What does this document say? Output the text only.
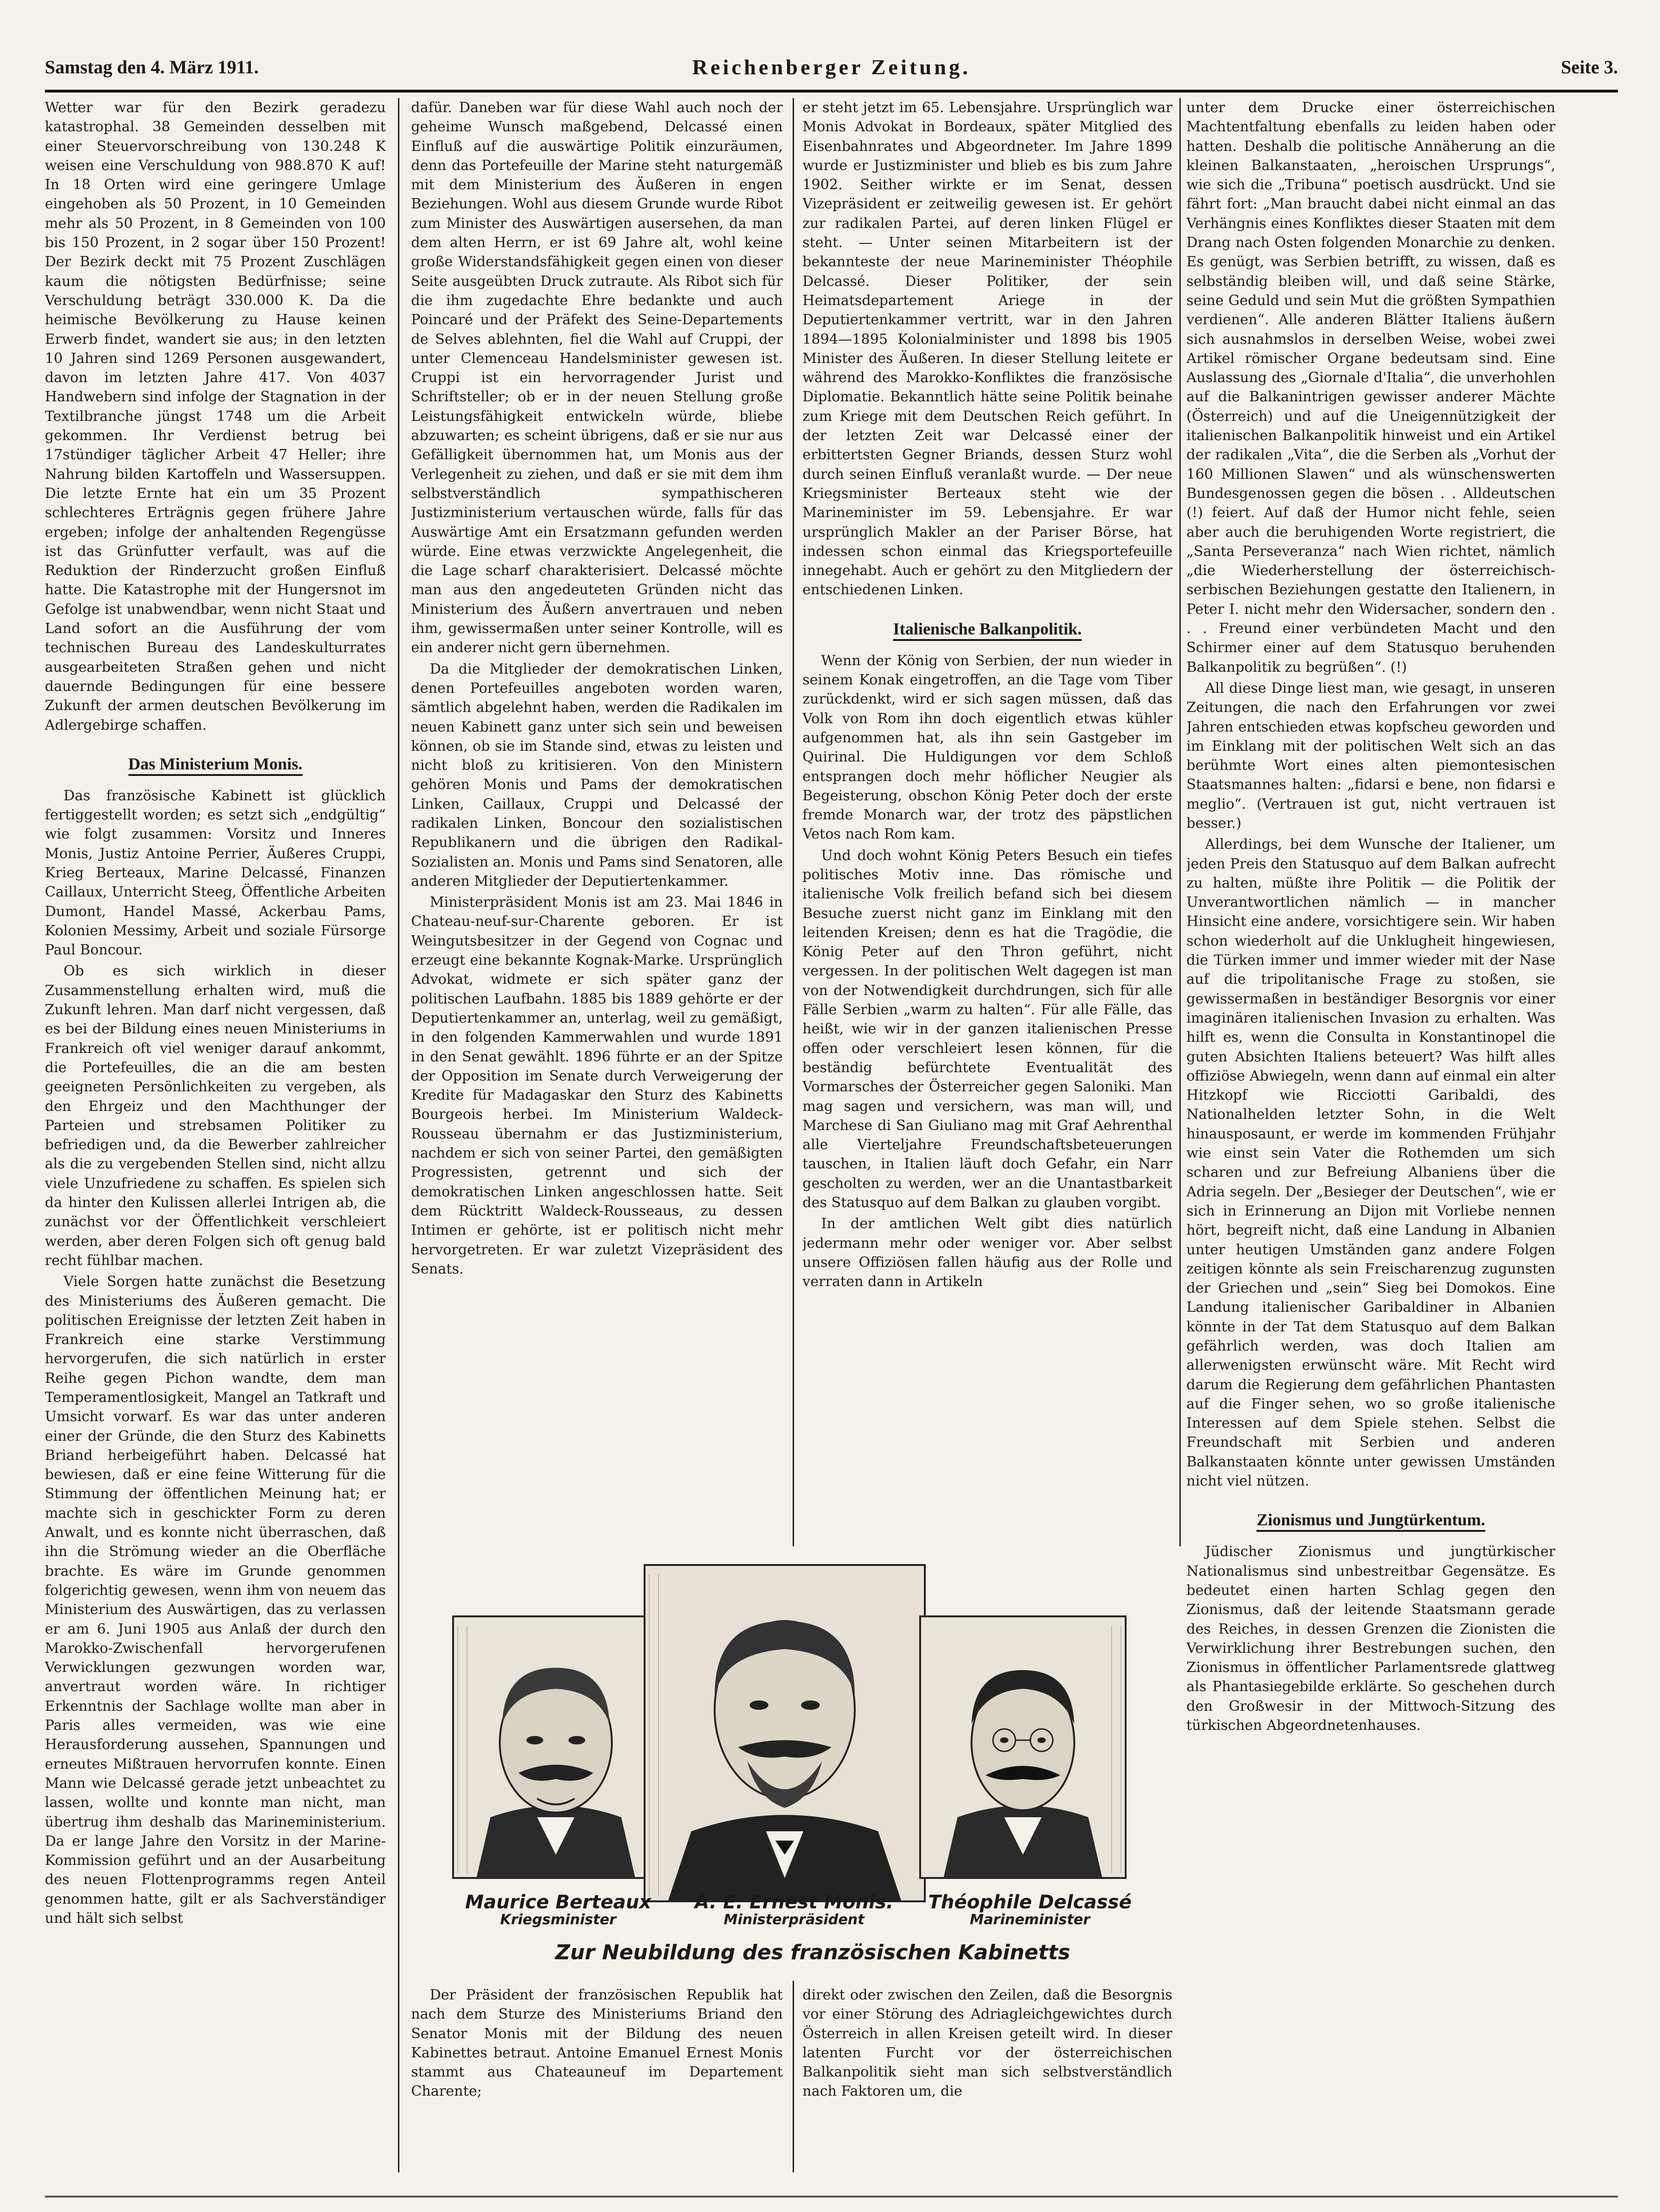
Samstag den 4. März 1911.	Reichenberger Zeitung.	Seite 3.

Wetter war für den Bezirk geradezu katastrophal. 38 Gemeinden desselben mit einer Steuervorschreibung von 130.248 K weisen eine Verschuldung von 988.870 K auf! In 18 Orten wird eine geringere Umlage eingehoben als 50 Prozent, in 10 Gemeinden mehr als 50 Prozent, in 8 Gemeinden von 100 bis 150 Prozent, in 2 sogar über 150 Prozent! Der Bezirk deckt mit 75 Prozent Zuschlägen kaum die nötigsten Bedürfnisse; seine Verschuldung beträgt 330.000 K. Da die heimische Bevölkerung zu Hause keinen Erwerb findet, wandert sie aus; in den letzten 10 Jahren sind 1269 Personen ausgewandert, davon im letzten Jahre 417. Von 4037 Handwebern sind infolge der Stagnation in der Textilbranche jüngst 1748 um die Arbeit gekommen. Ihr Verdienst betrug bei 17stündiger täglicher Arbeit 47 Heller; ihre Nahrung bilden Kartoffeln und Wassersuppen. Die letzte Ernte hat ein um 35 Prozent schlechteres Erträgnis gegen frühere Jahre ergeben; infolge der anhaltenden Regengüsse ist das Grünfutter verfault, was auf die Reduktion der Rinderzucht großen Einfluß hatte. Die Katastrophe mit der Hungersnot im Gefolge ist unabwendbar, wenn nicht Staat und Land sofort an die Ausführung der vom technischen Bureau des Landeskulturrates ausgearbeiteten Straßen gehen und nicht dauernde Bedingungen für eine bessere Zukunft der armen deutschen Bevölkerung im Adlergebirge schaffen.

Das Ministerium Monis.

Das französische Kabinett ist glücklich fertiggestellt worden; es setzt sich „endgültig“ wie folgt zusammen: Vorsitz und Inneres Monis, Justiz Antoine Perrier, Äußeres Cruppi, Krieg Berteaux, Marine Delcassé, Finanzen Caillaux, Unterricht Steeg, Öffentliche Arbeiten Dumont, Handel Massé, Ackerbau Pams, Kolonien Messimy, Arbeit und soziale Fürsorge Paul Boncour.

Ob es sich wirklich in dieser Zusammenstellung erhalten wird, muß die Zukunft lehren. Man darf nicht vergessen, daß es bei der Bildung eines neuen Ministeriums in Frankreich oft viel weniger darauf ankommt, die Portefeuilles, die an die am besten geeigneten Persönlichkeiten zu vergeben, als den Ehrgeiz und den Machthunger der Parteien und strebsamen Politiker zu befriedigen und, da die Bewerber zahlreicher als die zu vergebenden Stellen sind, nicht allzu viele Unzufriedene zu schaffen. Es spielen sich da hinter den Kulissen allerlei Intrigen ab, die zunächst vor der Öffentlichkeit verschleiert werden, aber deren Folgen sich oft genug bald recht fühlbar machen.

Viele Sorgen hatte zunächst die Besetzung des Ministeriums des Äußeren gemacht. Die politischen Ereignisse der letzten Zeit haben in Frankreich eine starke Verstimmung hervorgerufen, die sich natürlich in erster Reihe gegen Pichon wandte, dem man Temperamentlosigkeit, Mangel an Tatkraft und Umsicht vorwarf. Es war das unter anderen einer der Gründe, die den Sturz des Kabinetts Briand herbeigeführt haben. Delcassé hat bewiesen, daß er eine feine Witterung für die Stimmung der öffentlichen Meinung hat; er machte sich in geschickter Form zu deren Anwalt, und es konnte nicht überraschen, daß ihn die Strömung wieder an die Oberfläche brachte. Es wäre im Grunde genommen folgerichtig gewesen, wenn ihm von neuem das Ministerium des Auswärtigen, das zu verlassen er am 6. Juni 1905 aus Anlaß der durch den Marokko-Zwischenfall hervorgerufenen Verwicklungen gezwungen worden war, anvertraut worden wäre. In richtiger Erkenntnis der Sachlage wollte man aber in Paris alles vermeiden, was wie eine Herausforderung aussehen, Spannungen und erneutes Mißtrauen hervorrufen konnte. Einen Mann wie Delcassé gerade jetzt unbeachtet zu lassen, wollte und konnte man nicht, man übertrug ihm deshalb das Marineministerium. Da er lange Jahre den Vorsitz in der Marine-Kommission geführt und an der Ausarbeitung des neuen Flottenprogramms regen Anteil genommen hatte, gilt er als Sachverständiger und hält sich selbst

dafür. Daneben war für diese Wahl auch noch der geheime Wunsch maßgebend, Delcassé einen Einfluß auf die auswärtige Politik einzuräumen, denn das Portefeuille der Marine steht naturgemäß mit dem Ministerium des Äußeren in engen Beziehungen. Wohl aus diesem Grunde wurde Ribot zum Minister des Auswärtigen ausersehen, da man dem alten Herrn, er ist 69 Jahre alt, wohl keine große Widerstandsfähigkeit gegen einen von dieser Seite ausgeübten Druck zutraute. Als Ribot sich für die ihm zugedachte Ehre bedankte und auch Poincaré und der Präfekt des Seine-Departements de Selves ablehnten, fiel die Wahl auf Cruppi, der unter Clemenceau Handelsminister gewesen ist. Cruppi ist ein hervorragender Jurist und Schriftsteller; ob er in der neuen Stellung große Leistungsfähigkeit entwickeln würde, bliebe abzuwarten; es scheint übrigens, daß er sie nur aus Gefälligkeit übernommen hat, um Monis aus der Verlegenheit zu ziehen, und daß er sie mit dem ihm selbstverständlich sympathischeren Justizministerium vertauschen würde, falls für das Auswärtige Amt ein Ersatzmann gefunden werden würde. Eine etwas verzwickte Angelegenheit, die die Lage scharf charakterisiert. Delcassé möchte man aus den angedeuteten Gründen nicht das Ministerium des Äußern anvertrauen und neben ihm, gewissermaßen unter seiner Kontrolle, will es ein anderer nicht gern übernehmen.

Da die Mitglieder der demokratischen Linken, denen Portefeuilles angeboten worden waren, sämtlich abgelehnt haben, werden die Radikalen im neuen Kabinett ganz unter sich sein und beweisen können, ob sie im Stande sind, etwas zu leisten und nicht bloß zu kritisieren. Von den Ministern gehören Monis und Pams der demokratischen Linken, Caillaux, Cruppi und Delcassé der radikalen Linken, Boncour den sozialistischen Republikanern und die übrigen den Radikal-Sozialisten an. Monis und Pams sind Senatoren, alle anderen Mitglieder der Deputiertenkammer.

Ministerpräsident Monis ist am 23. Mai 1846 in Chateau-neuf-sur-Charente geboren. Er ist Weingutsbesitzer in der Gegend von Cognac und erzeugt eine bekannte Kognak-Marke. Ursprünglich Advokat, widmete er sich später ganz der politischen Laufbahn. 1885 bis 1889 gehörte er der Deputiertenkammer an, unterlag, weil zu gemäßigt, in den folgenden Kammerwahlen und wurde 1891 in den Senat gewählt. 1896 führte er an der Spitze der Opposition im Senate durch Verweigerung der Kredite für Madagaskar den Sturz des Kabinetts Bourgeois herbei. Im Ministerium Waldeck-Rousseau übernahm er das Justizministerium, nachdem er sich von seiner Partei, den gemäßigten Progressisten, getrennt und sich der demokratischen Linken angeschlossen hatte. Seit dem Rücktritt Waldeck-Rousseaus, zu dessen Intimen er gehörte, ist er politisch nicht mehr hervorgetreten. Er war zuletzt Vizepräsident des Senats.

er steht jetzt im 65. Lebensjahre. Ursprünglich war Monis Advokat in Bordeaux, später Mitglied des Eisenbahnrates und Abgeordneter. Im Jahre 1899 wurde er Justizminister und blieb es bis zum Jahre 1902. Seither wirkte er im Senat, dessen Vizepräsident er zeitweilig gewesen ist. Er gehört zur radikalen Partei, auf deren linken Flügel er steht. — Unter seinen Mitarbeitern ist der bekannteste der neue Marineminister Théophile Delcassé. Dieser Politiker, der sein Heimatsdepartement Ariege in der Deputiertenkammer vertritt, war in den Jahren 1894—1895 Kolonialminister und 1898 bis 1905 Minister des Äußeren. In dieser Stellung leitete er während des Marokko-Konfliktes die französische Diplomatie. Bekanntlich hätte seine Politik beinahe zum Kriege mit dem Deutschen Reich geführt. In der letzten Zeit war Delcassé einer der erbittertsten Gegner Briands, dessen Sturz wohl durch seinen Einfluß veranlaßt wurde. — Der neue Kriegsminister Berteaux steht wie der Marineminister im 59. Lebensjahre. Er war ursprünglich Makler an der Pariser Börse, hat indessen schon einmal das Kriegsportefeuille innegehabt. Auch er gehört zu den Mitgliedern der entschiedenen Linken.

Italienische Balkanpolitik.

Wenn der König von Serbien, der nun wieder in seinem Konak eingetroffen, an die Tage vom Tiber zurückdenkt, wird er sich sagen müssen, daß das Volk von Rom ihn doch eigentlich etwas kühler aufgenommen hat, als ihn sein Gastgeber im Quirinal. Die Huldigungen vor dem Schloß entsprangen doch mehr höflicher Neugier als Begeisterung, obschon König Peter doch der erste fremde Monarch war, der trotz des päpstlichen Vetos nach Rom kam.

Und doch wohnt König Peters Besuch ein tiefes politisches Motiv inne. Das römische und italienische Volk freilich befand sich bei diesem Besuche zuerst nicht ganz im Einklang mit den leitenden Kreisen; denn es hat die Tragödie, die König Peter auf den Thron geführt, nicht vergessen. In der politischen Welt dagegen ist man von der Notwendigkeit durchdrungen, sich für alle Fälle Serbien „warm zu halten“. Für alle Fälle, das heißt, wie wir in der ganzen italienischen Presse offen oder verschleiert lesen können, für die beständig befürchtete Eventualität des Vormarsches der Österreicher gegen Saloniki. Man mag sagen und versichern, was man will, und Marchese di San Giuliano mag mit Graf Aehrenthal alle Vierteljahre Freundschaftsbeteuerungen tauschen, in Italien läuft doch Gefahr, ein Narr gescholten zu werden, wer an die Unantastbarkeit des Statusquo auf dem Balkan zu glauben vorgibt.

In der amtlichen Welt gibt dies natürlich jedermann mehr oder weniger vor. Aber selbst unsere Offiziösen fallen häufig aus der Rolle und verraten dann in Artikeln

unter dem Drucke einer österreichischen Machtentfaltung ebenfalls zu leiden haben oder hatten. Deshalb die politische Annäherung an die kleinen Balkanstaaten, „heroischen Ursprungs“, wie sich die „Tribuna“ poetisch ausdrückt. Und sie fährt fort: „Man braucht dabei nicht einmal an das Verhängnis eines Konfliktes dieser Staaten mit dem Drang nach Osten folgenden Monarchie zu denken. Es genügt, was Serbien betrifft, zu wissen, daß es selbständig bleiben will, und daß seine Stärke, seine Geduld und sein Mut die größten Sympathien verdienen“. Alle anderen Blätter Italiens äußern sich ausnahmslos in derselben Weise, wobei zwei Artikel römischer Organe bedeutsam sind. Eine Auslassung des „Giornale d'Italia“, die unverhohlen auf die Balkanintrigen gewisser anderer Mächte (Österreich) und auf die Uneigennützigkeit der italienischen Balkanpolitik hinweist und ein Artikel der radikalen „Vita“, die die Serben als „Vorhut der 160 Millionen Slawen“ und als wünschenswerten Bundesgenossen gegen die bösen . . Alldeutschen (!) feiert. Auf daß der Humor nicht fehle, seien aber auch die beruhigenden Worte registriert, die „Santa Perseveranza“ nach Wien richtet, nämlich „die Wiederherstellung der österreichisch-serbischen Beziehungen gestatte den Italienern, in Peter I. nicht mehr den Widersacher, sondern den . . . Freund einer verbündeten Macht und den Schirmer einer auf dem Statusquo beruhenden Balkanpolitik zu begrüßen“. (!)

All diese Dinge liest man, wie gesagt, in unseren Zeitungen, die nach den Erfahrungen vor zwei Jahren entschieden etwas kopfscheu geworden und im Einklang mit der politischen Welt sich an das berühmte Wort eines alten piemontesischen Staatsmannes halten: „fidarsi e bene, non fidarsi e meglio“. (Vertrauen ist gut, nicht vertrauen ist besser.)

Allerdings, bei dem Wunsche der Italiener, um jeden Preis den Statusquo auf dem Balkan aufrecht zu halten, müßte ihre Politik — die Politik der Unverantwortlichen nämlich — in mancher Hinsicht eine andere, vorsichtigere sein. Wir haben schon wiederholt auf die Unklugheit hingewiesen, die Türken immer und immer wieder mit der Nase auf die tripolitanische Frage zu stoßen, sie gewissermaßen in beständiger Besorgnis vor einer imaginären italienischen Invasion zu erhalten. Was hilft es, wenn die Consulta in Konstantinopel die guten Absichten Italiens beteuert? Was hilft alles offiziöse Abwiegeln, wenn dann auf einmal ein alter Hitzkopf wie Ricciotti Garibaldi, des Nationalhelden letzter Sohn, in die Welt hinausposaunt, er werde im kommenden Frühjahr wie einst sein Vater die Rothemden um sich scharen und zur Befreiung Albaniens über die Adria segeln. Der „Besieger der Deutschen“, wie er sich in Erinnerung an Dijon mit Vorliebe nennen hört, begreift nicht, daß eine Landung in Albanien unter heutigen Umständen ganz andere Folgen zeitigen könnte als sein Freischarenzug zugunsten der Griechen und „sein“ Sieg bei Domokos. Eine Landung italienischer Garibaldiner in Albanien könnte in der Tat dem Statusquo auf dem Balkan gefährlich werden, was doch Italien am allerwenigsten erwünscht wäre. Mit Recht wird darum die Regierung dem gefährlichen Phantasten auf die Finger sehen, wo so große italienische Interessen auf dem Spiele stehen. Selbst die Freundschaft mit Serbien und anderen Balkanstaaten könnte unter gewissen Umständen nicht viel nützen.

Zionismus und Jungtürkentum.

Jüdischer Zionismus und jungtürkischer Nationalismus sind unbestreitbar Gegensätze. Es bedeutet einen harten Schlag gegen den Zionismus, daß der leitende Staatsmann gerade des Reiches, in dessen Grenzen die Zionisten die Verwirklichung ihrer Bestrebungen suchen, den Zionismus in öffentlicher Parlamentsrede glattweg als Phantasiegebilde erklärte. So geschehen durch den Großwesir in der Mittwoch-Sitzung des türkischen Abgeordnetenhauses.

Maurice Berteaux
Kriegsminister
A. E. Ernest Monis.
Ministerpräsident
Théophile Delcassé
Marineminister
Zur Neubildung des französischen Kabinetts

Der Präsident der französischen Republik hat nach dem Sturze des Ministeriums Briand den Senator Monis mit der Bildung des neuen Kabinettes betraut. Antoine Emanuel Ernest Monis stammt aus Chateauneuf im Departement Charente;

direkt oder zwischen den Zeilen, daß die Besorgnis vor einer Störung des Adriagleichgewichtes durch Österreich in allen Kreisen geteilt wird. In dieser latenten Furcht vor der österreichischen Balkanpolitik sieht man sich selbstverständlich nach Faktoren um, die
